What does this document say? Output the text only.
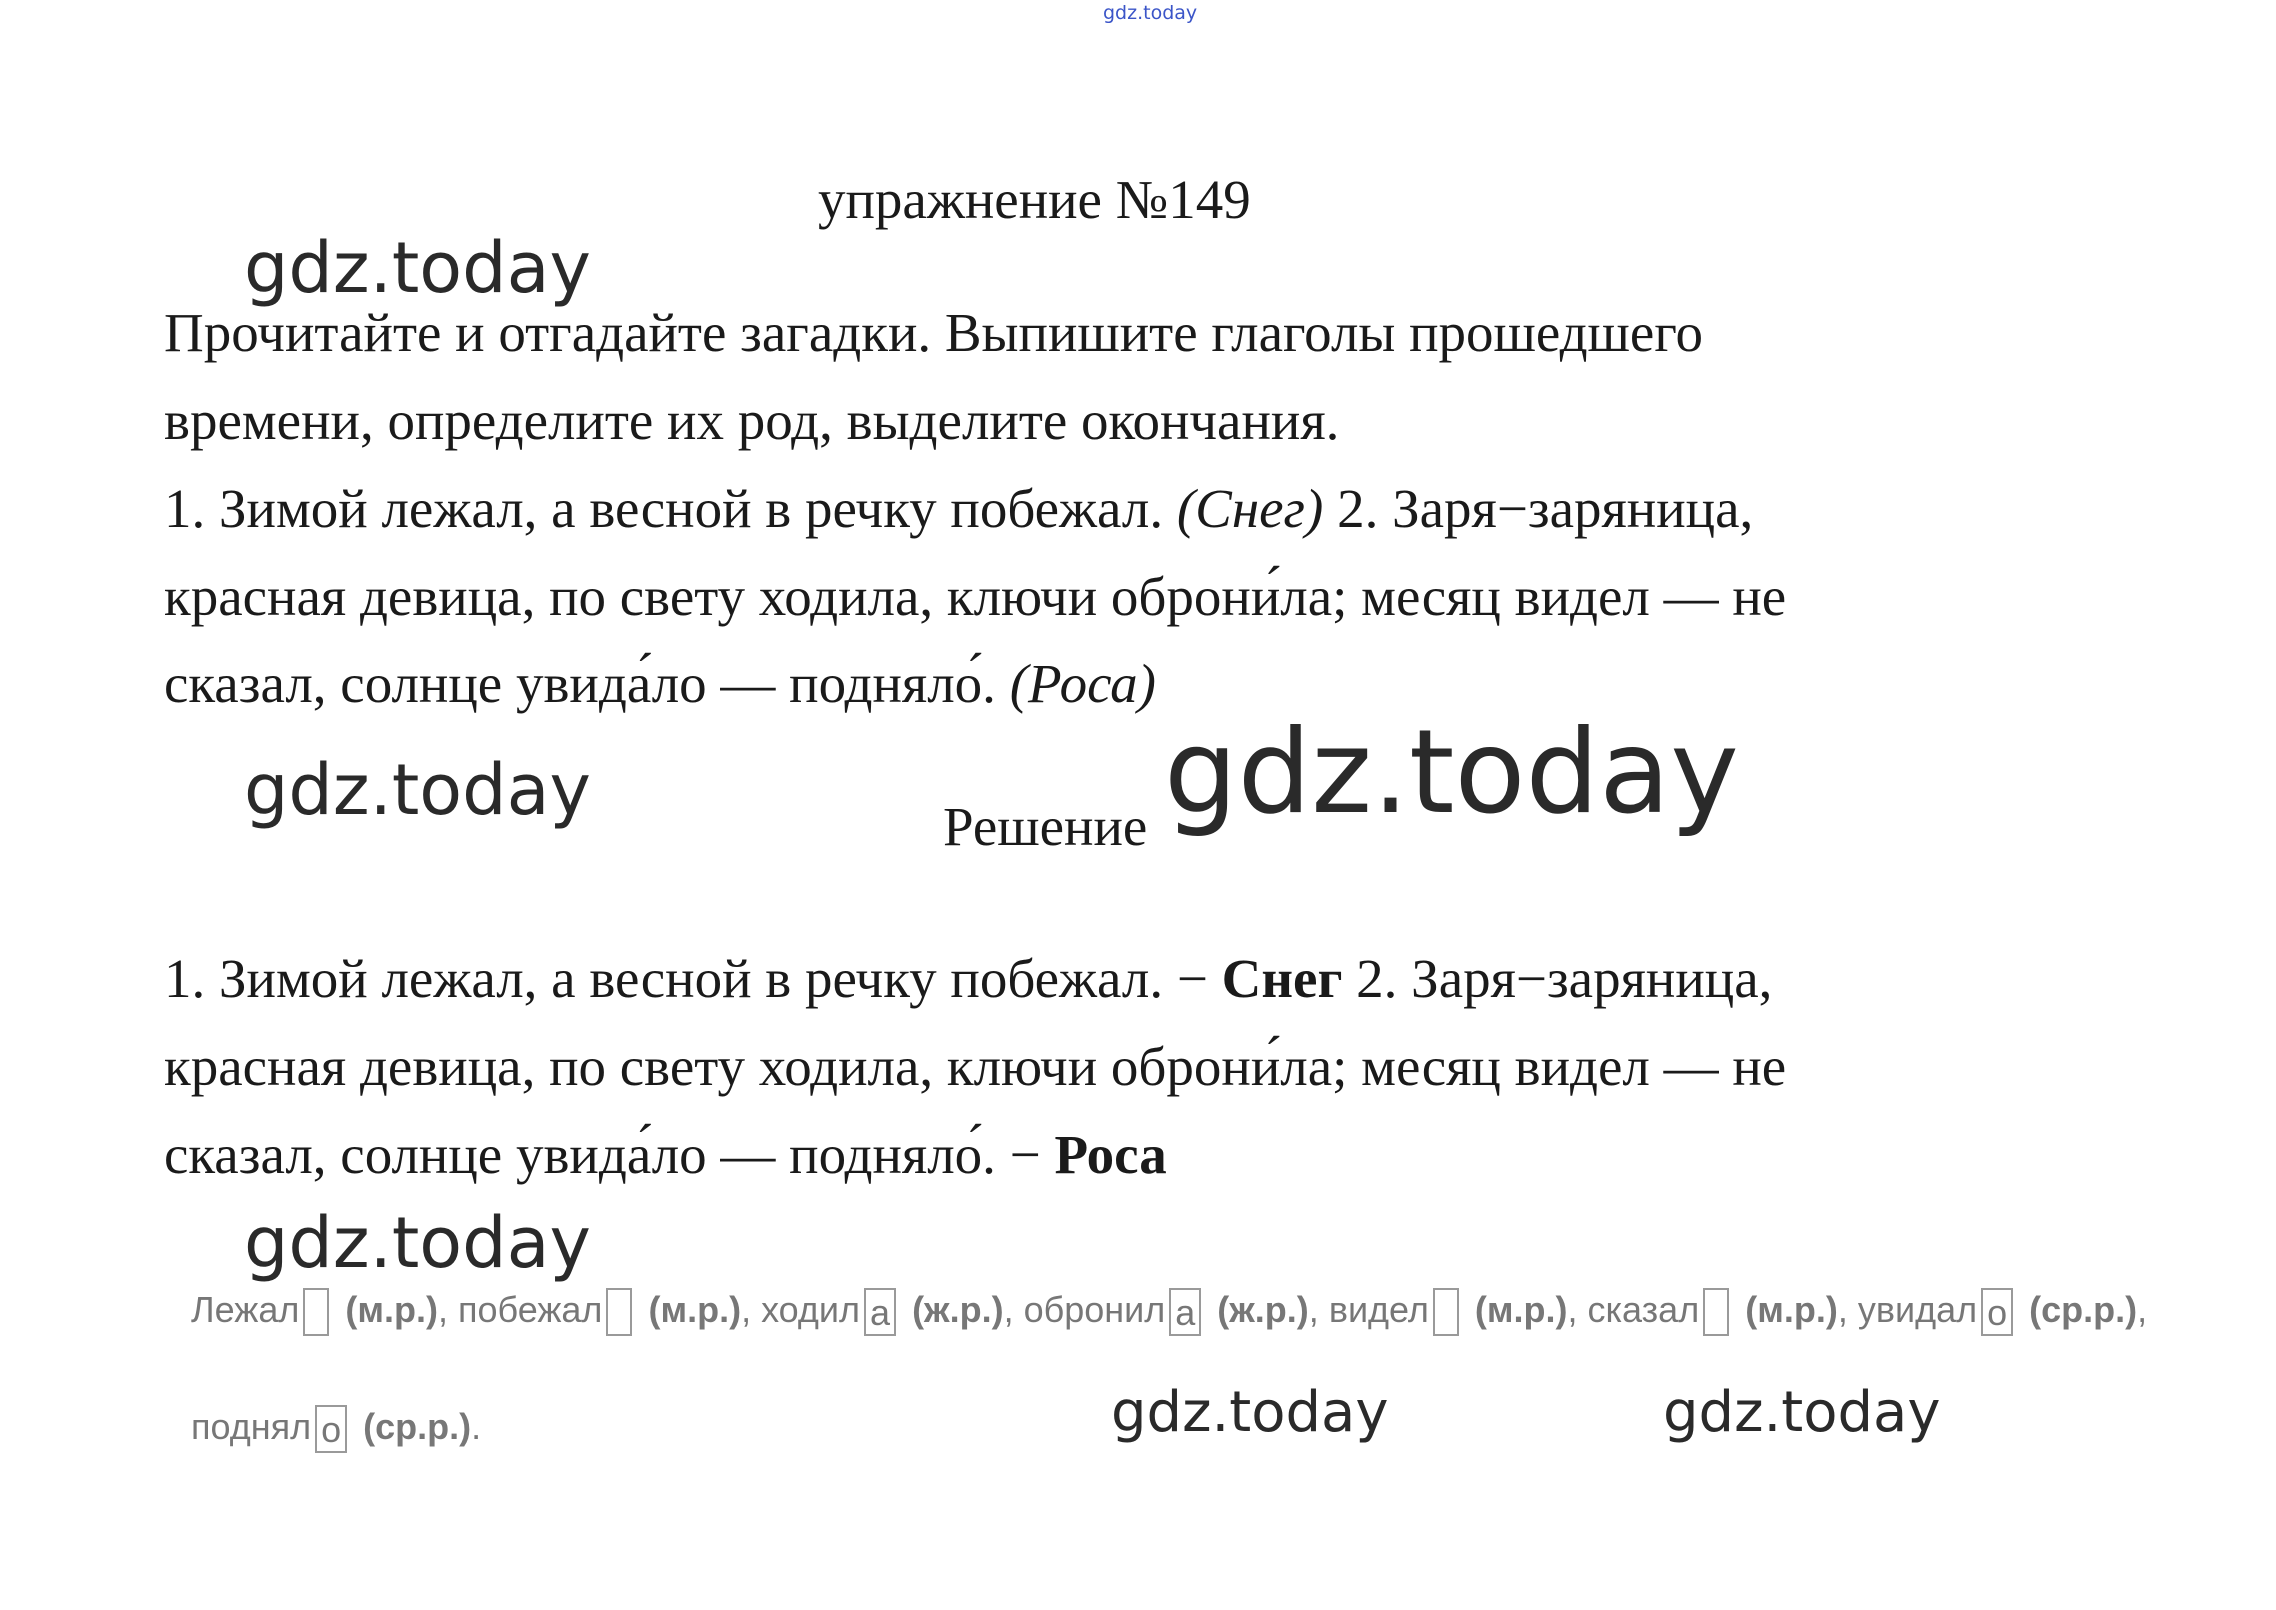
gdz.today
упражнение №149
gdz.today
Прочитайте и отгадайте загадки. Выпишите глаголы прошедшего
времени, определите их род, выделите окончания.
1. Зимой лежал, а весной в речку побежал. (Снег) 2. Заря−заряница,
красная девица, по свету ходила, ключи оброни́ла; месяц видел — не
сказал, солнце увида́ло — подняло́. (Роса)
gdz.today	Решение gdz.today
1. Зимой лежал, а весной в речку побежал. − Снег 2. Заря−заряница,
красная девица, по свету ходила, ключи оброни́ла; месяц видел — не
сказал, солнце увида́ло — подняло́. − Роса
gdz.today
Лежал (м.р.), побежал (м.р.), ходил а (ж.р.), обронил а (ж.р.), видел (м.р.), сказал (м.р.), увидал о (ср.р.),
поднял о (ср.р.).	gdz.today	gdz.today
